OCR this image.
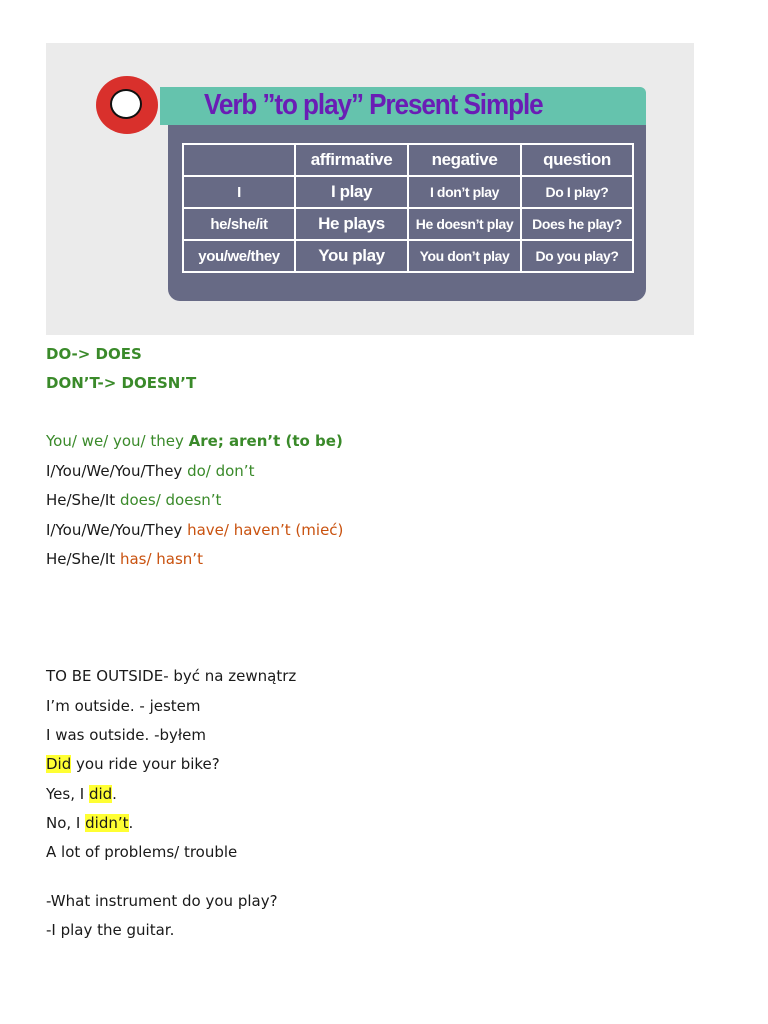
Verb ”to play” Present Simple
	affirmative	negative	question
I	I play	I don’t play	Do I play?
he/she/it	He plays	He doesn’t play	Does he play?
you/we/they	You play	You don’t play	Do you play?
DO-> DOES
DON’T-> DOESN’T
You/ we/ you/ they Are; aren’t (to be)
I/You/We/You/They do/ don’t
He/She/It does/ doesn’t
I/You/We/You/They have/ haven’t (mieć)
He/She/It has/ hasn’t
TO BE OUTSIDE- być na zewnątrz
I’m outside. - jestem
I was outside. -byłem
Did you ride your bike?
Yes, I did.
No, I didn’t.
A lot of problems/ trouble
-What instrument do you play?
-I play the guitar.
